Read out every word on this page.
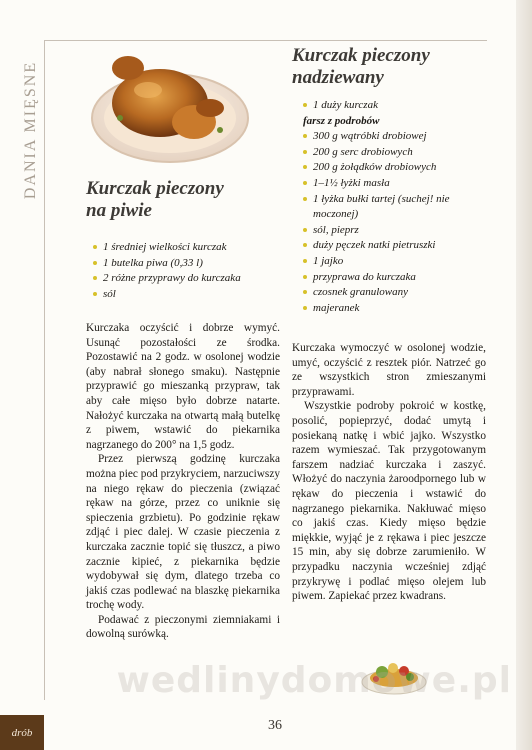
DANIA MIĘSNE Kurczak pieczony
na piwie
1 średniej wielkości kurczak
1 butelka piwa (0,33 l)
2 różne przyprawy do kurczaka
sól

Kurczaka oczyścić i dobrze wymyć. Usunąć pozostałości ze środka. Pozostawić na 2 godz. w osolonej wodzie (aby nabrał słonego smaku). Następnie przyprawić go mieszanką przypraw, tak aby całe mięso było dobrze natarte. Nałożyć kurczaka na otwartą małą butelkę z piwem, wstawić do piekarnika nagrzanego do 200° na 1,5 godz.

Przez pierwszą godzinę kurczaka można piec pod przykryciem, narzuciwszy na niego rękaw do pieczenia (związać rękaw na górze, przez co uniknie się spieczenia grzbietu). Po godzinie rękaw zdjąć i piec dalej. W czasie pieczenia z kurczaka zacznie topić się tłuszcz, a piwo zacznie kipieć, z piekarnika będzie wydobywał się dym, dlatego trzeba co jakiś czas podlewać na blaszkę piekarnika trochę wody.

Podawać z pieczonymi ziemniakami i dowolną surówką.

Kurczak pieczony
nadziewany
1 duży kurczak
farsz z podrobów
300 g wątróbki drobiowej
200 g serc drobiowych
200 g żołądków drobiowych
1–1½ łyżki masła
1 łyżka bułki tartej (suchej! nie moczonej)
sól, pieprz
duży pęczek natki pietruszki
1 jajko
przyprawa do kurczaka
czosnek granulowany
majeranek

Kurczaka wymoczyć w osolonej wodzie, umyć, oczyścić z resztek piór. Natrzeć go ze wszystkich stron zmieszanymi przyprawami.

Wszystkie podroby pokroić w kostkę, posolić, popieprzyć, dodać umytą i posiekaną natkę i wbić jajko. Wszystko razem wymieszać. Tak przygotowanym farszem nadziać kurczaka i zaszyć. Włożyć do naczynia żaroodpornego lub w rękaw do pieczenia i wstawić do nagrzanego piekarnika. Nakłuwać mięso co jakiś czas. Kiedy mięso będzie miękkie, wyjąć je z rękawa i piec jeszcze 15 min, aby się dobrze zarumieniło. W przypadku naczynia wcześniej zdjąć przykrywę i podlać mięso olejem lub piwem. Zapiekać przez kwadrans.

wedlinydomowe.pl
drób	36
